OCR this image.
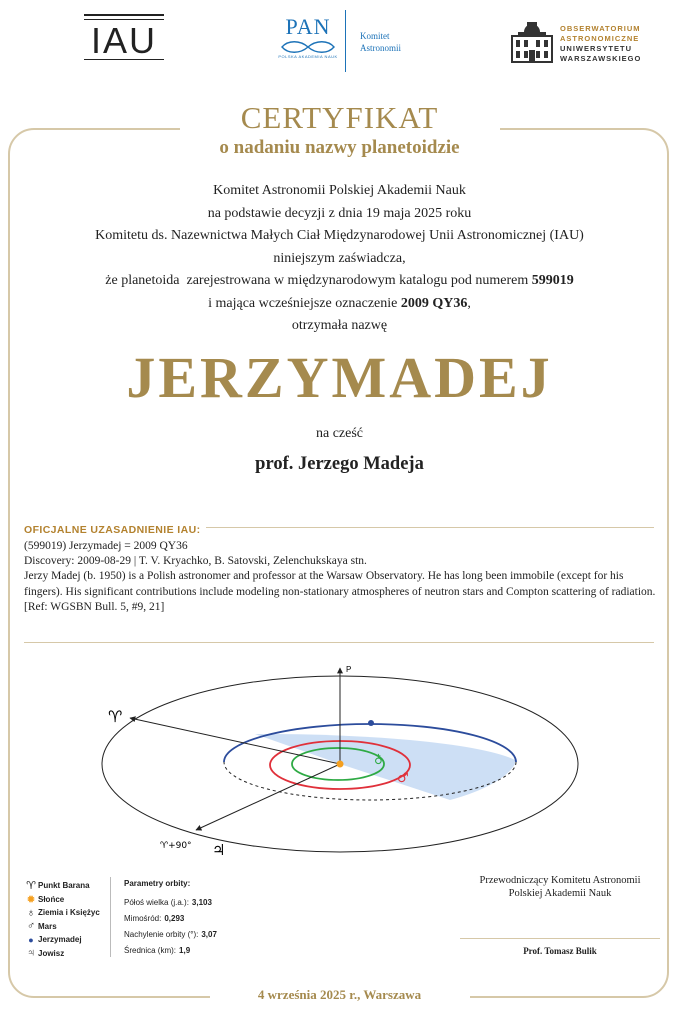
IAU	PAN
POLSKA AKADEMIA NAUK
Komitet
Astronomii
OBSERWATORIUM
ASTRONOMICZNE
UNIWERSYTETU
WARSZAWSKIEGO
CERTYFIKAT
o nadaniu nazwy planetoidzie
Komitet Astronomii Polskiej Akademii Nauk
na podstawie decyzji z dnia 19 maja 2025 roku
Komitetu ds. Nazewnictwa Małych Ciał Międzynarodowej Unii Astronomicznej (IAU)
niniejszym zaświadcza,
że planetoida  zarejestrowana w międzynarodowym katalogu pod numerem 599019
i mająca wcześniejsze oznaczenie 2009 QY36,
otrzymała nazwę
JERZYMADEJ
na cześć
prof. Jerzego Madeja
OFICJALNE UZASADNIENIE IAU:
(599019) Jerzymadej = 2009 QY36
Discovery: 2009-08-29 | T. V. Kryachko, B. Satovski, Zelenchukskaya stn.
Jerzy Madej (b. 1950) is a Polish astronomer and professor at the Warsaw Observatory. He has long been immobile (except for his fingers). His significant contributions include modeling non-stationary atmospheres of neutron stars and Compton scattering of radiation.
[Ref: WGSBN Bull. 5, #9, 21]
P
♈
♈+90° ♃
♁
♂
♈ Punkt Barana
✹ Słońce
♁ Ziemia i Księżyc
♂ Mars
● Jerzymadej
♃ Jowisz
Parametry orbity:
Półoś wielka (j.a.): 3,103
Mimośród: 0,293
Nachylenie orbity (°): 3,07
Średnica (km): 1,9
Przewodniczący Komitetu Astronomii
Polskiej Akademii Nauk
Prof. Tomasz Bulik
4 września 2025 r., Warszawa
